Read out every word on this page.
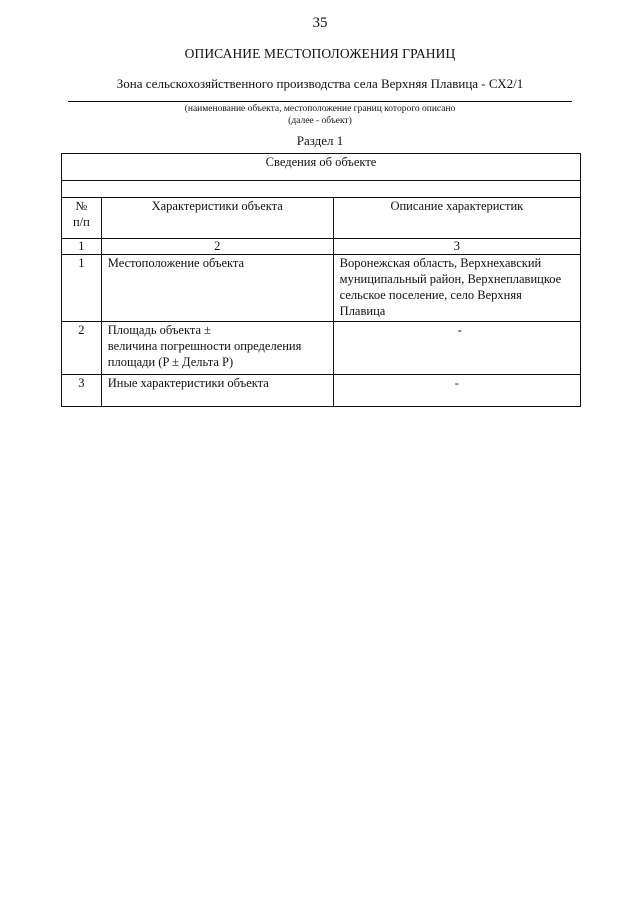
35
ОПИСАНИЕ МЕСТОПОЛОЖЕНИЯ ГРАНИЦ
Зона сельскохозяйственного производства села Верхняя Плавица - СХ2/1
(наименование объекта, местоположение границ которого описано
(далее - объект)
Раздел 1
Сведения об объекте		

№
п/п	Характеристики объекта	Описание характеристик
1	2	3
1	Местоположение объекта	Воронежская область, Верхнехавский
муниципальный район, Верхнеплавицкое
сельское поселение, село Верхняя
Плавица

2	Площадь объекта ±
величина погрешности определения
площади (P ± Дельта P)	-
3	Иные характеристики объекта	-
